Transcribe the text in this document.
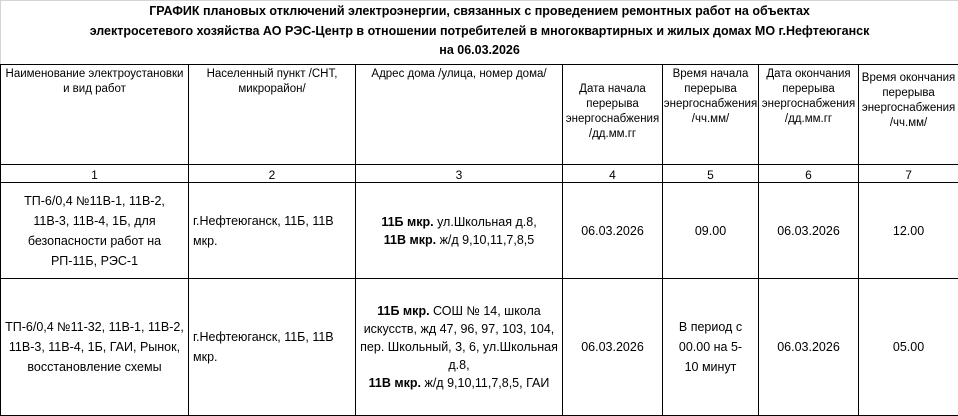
ГРАФИК плановых отключений электроэнергии, связанных с проведением ремонтных работ на объектах						
электросетевого хозяйства АО РЭС-Центр в отношении потребителей в многоквартирных и жилых домах МО г.Нефтеюганск						
на 06.03.2026						
Наименование электроустановки и вид работ	Населенный пункт /СНТ, микрорайон/	Адрес дома /улица, номер дома/	Дата начала перерыва энергоснабжения /дд.мм.гг	Время начала перерыва энергоснабжения /чч.мм/	Дата окончания перерыва энергоснабжения /дд.мм.гг	Время окончания перерыва энергоснабжения /чч.мм/
1	2	3	4	5	6	7
ТП-6/0,4 №11В-1, 11В-2, 11В-3, 11В-4, 1Б, для безопасности работ на РП-11Б, РЭС-1	г.Нефтеюганск, 11Б, 11В мкр.	11Б мкр. ул.Школьная д.8,
11В мкр. ж/д 9,10,11,7,8,5	06.03.2026	09.00	06.03.2026	12.00
ТП-6/0,4 №11-32, 11В-1, 11В-2, 11В-3, 11В-4, 1Б, ГАИ, Рынок, восстановление схемы	г.Нефтеюганск, 11Б, 11В мкр.	11Б мкр. СОШ № 14, школа искусств, жд 47, 96, 97, 103, 104, пер. Школьный, 3, 6, ул.Школьная д.8,
11В мкр. ж/д 9,10,11,7,8,5, ГАИ	06.03.2026	В период с 00.00 на 5-10 минут	06.03.2026	05.00
